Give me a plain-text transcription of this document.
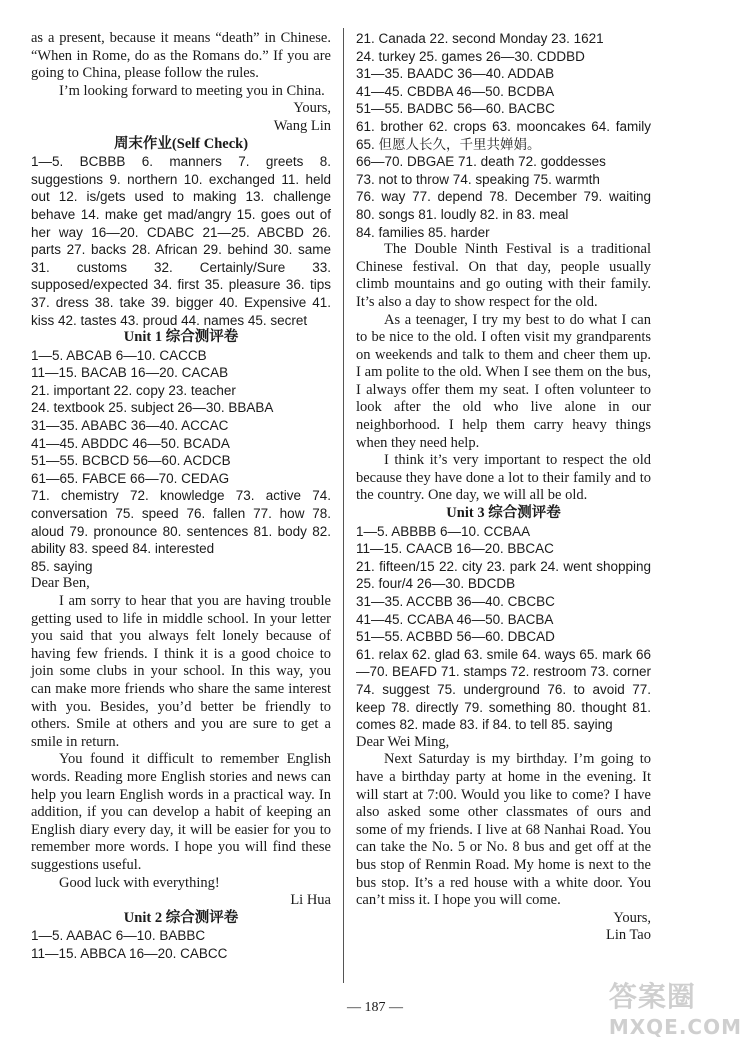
as a present, because it means “death” in Chinese. “When in Rome, do as the Romans do.” If you are going to China, please follow the rules.
I’m looking forward to meeting you in China.
Yours,
Wang Lin
周末作业(Self Check)
1—5. BCBBB 6. manners 7. greets 8. suggestions 9. northern 10. exchanged 11. held out 12. is/gets used to making 13. challenge behave 14. make get mad/angry 15. goes out of her way 16—20. CDABC 21—25. ABCBD 26. parts 27. backs 28. African 29. behind 30. same 31. customs 32. Certainly/Sure 33. supposed/expected 34. first 35. pleasure 36. tips 37. dress 38. take 39. bigger 40. Expensive 41. kiss 42. tastes 43. proud 44. names 45. secret
Unit 1 综合测评卷
1—5. ABCAB 6—10. CACCB
11—15. BACAB 16—20. CACAB
21. important 22. copy 23. teacher
24. textbook 25. subject 26—30. BBABA
31—35. ABABC 36—40. ACCAC
41—45. ABDDC 46—50. BCADA
51—55. BCBCD 56—60. ACDCB
61—65. FABCE 66—70. CEDAG
71. chemistry 72. knowledge 73. active 74. conversation 75. speed 76. fallen 77. how 78. aloud 79. pronounce 80. sentences 81. body 82. ability 83. speed 84. interested
85. saying
Dear Ben,
I am sorry to hear that you are having trouble getting used to life in middle school. In your letter you said that you always felt lonely because of having few friends. I think it is a good choice to join some clubs in your school. In this way, you can make more friends who share the same interest with you. Besides, you’d better be friendly to others. Smile at others and you are sure to get a smile in return.
You found it difficult to remember English words. Reading more English stories and news can help you learn English words in a practical way. In addition, if you can develop a habit of keeping an English diary every day, it will be easier for you to remember more words. I hope you will find these suggestions useful.
Good luck with everything!
Li Hua
Unit 2 综合测评卷
1—5. AABAC 6—10. BABBC
11—15. ABBCA 16—20. CABCC
21. Canada 22. second Monday 23. 1621
24. turkey 25. games 26—30. CDDBD
31—35. BAADC 36—40. ADDAB
41—45. CBDBA 46—50. BCDBA
51—55. BADBC 56—60. BACBC
61. brother 62. crops 63. mooncakes 64. family 65. 但愿人长久，千里共婵娟。
66—70. DBGAE 71. death 72. goddesses
73. not to throw 74. speaking 75. warmth
76. way 77. depend 78. December 79. waiting 80. songs 81. loudly 82. in 83. meal
84. families 85. harder
The Double Ninth Festival is a traditional Chinese festival. On that day, people usually climb mountains and go outing with their family. It’s also a day to show respect for the old.
As a teenager, I try my best to do what I can to be nice to the old. I often visit my grandparents on weekends and talk to them and cheer them up. I am polite to the old. When I see them on the bus, I always offer them my seat. I often volunteer to look after the old who live alone in our neighborhood. I help them carry heavy things when they need help.
I think it’s very important to respect the old because they have done a lot to their family and to the country. One day, we will all be old.
Unit 3 综合测评卷
1—5. ABBBB 6—10. CCBAA
11—15. CAACB 16—20. BBCAC
21. fifteen/15 22. city 23. park 24. went shopping 25. four/4 26—30. BDCDB
31—35. ACCBB 36—40. CBCBC
41—45. CCABA 46—50. BACBA
51—55. ACBBD 56—60. DBCAD
61. relax 62. glad 63. smile 64. ways 65. mark 66—70. BEAFD 71. stamps 72. restroom 73. corner 74. suggest 75. underground 76. to avoid 77. keep 78. directly 79. something 80. thought 81. comes 82. made 83. if 84. to tell 85. saying
Dear Wei Ming,
Next Saturday is my birthday. I’m going to have a birthday party at home in the evening. It will start at 7:00. Would you like to come? I have also asked some other classmates of ours and some of my friends. I live at 68 Nanhai Road. You can take the No. 5 or No. 8 bus and get off at the bus stop of Renmin Road. My home is next to the bus stop. It’s a red house with a white door. You can’t miss it. I hope you will come.
Yours,
Lin Tao
— 187 —	答案圈
MXQE.COM
